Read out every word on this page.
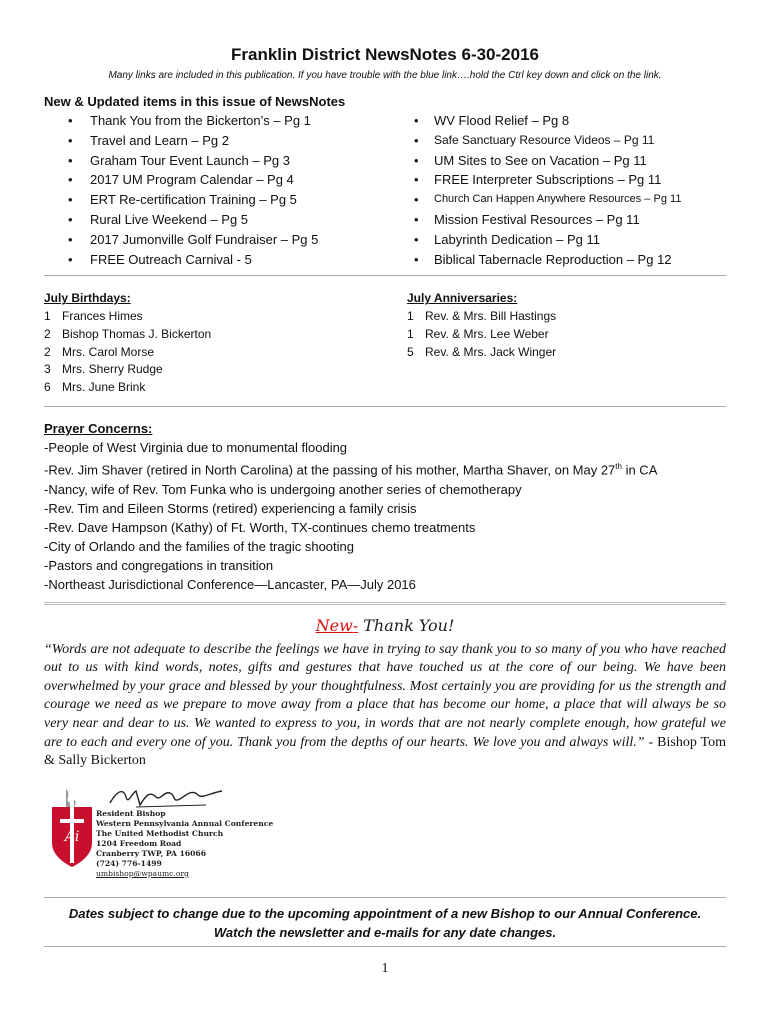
Franklin District NewsNotes 6-30-2016
Many links are included in this publication. If you have trouble with the blue link….hold the Ctrl key down and click on the link.
New & Updated items in this issue of NewsNotes
• Thank You from the Bickerton’s – Pg 1
• Travel and Learn – Pg 2
• Graham Tour Event Launch – Pg 3
• 2017 UM Program Calendar – Pg 4
• ERT Re-certification Training – Pg 5
• Rural Live Weekend – Pg 5
• 2017 Jumonville Golf Fundraiser – Pg 5
• FREE Outreach Carnival - 5
• WV Flood Relief – Pg 8
• Safe Sanctuary Resource Videos – Pg 11
• UM Sites to See on Vacation – Pg 11
• FREE Interpreter Subscriptions – Pg 11
• Church Can Happen Anywhere Resources – Pg 11
• Mission Festival Resources – Pg 11
• Labyrinth Dedication – Pg 11
• Biblical Tabernacle Reproduction – Pg 12
July Birthdays:
1 Frances Himes
2 Bishop Thomas J. Bickerton
2 Mrs. Carol Morse
3 Mrs. Sherry Rudge
6 Mrs. June Brink
July Anniversaries:
1 Rev. & Mrs. Bill Hastings
1 Rev. & Mrs. Lee Weber
5 Rev. & Mrs. Jack Winger
Prayer Concerns:
-People of West Virginia due to monumental flooding
-Rev. Jim Shaver (retired in North Carolina) at the passing of his mother, Martha Shaver, on May 27th in CA
-Nancy, wife of Rev. Tom Funka who is undergoing another series of chemotherapy
-Rev. Tim and Eileen Storms (retired) experiencing a family crisis
-Rev. Dave Hampson (Kathy) of Ft. Worth, TX-continues chemo treatments
-City of Orlando and the families of the tragic shooting
-Pastors and congregations in transition
-Northeast Jurisdictional Conference—Lancaster, PA—July 2016
New- Thank You!
“Words are not adequate to describe the feelings we have in trying to say thank you to so many of you who have reached out to us with kind words, notes, gifts and gestures that have touched us at the core of our being. We have been overwhelmed by your grace and blessed by your thoughtfulness. Most certainly you are providing for us the strength and courage we need as we prepare to move away from a place that has become our home, a place that will always be so very near and dear to us. We wanted to express to you, in words that are not nearly complete enough, how grateful we are to each and every one of you. Thank you from the depths of our hearts. We love you and always will.” - Bishop Tom & Sally Bickerton
Ai
Resident Bishop
Western Pennsylvania Annual Conference
The United Methodist Church
1204 Freedom Road
Cranberry TWP, PA 16066
(724) 776-1499
umbishop@wpaumc.org
Dates subject to change due to the upcoming appointment of a new Bishop to our Annual Conference.
Watch the newsletter and e-mails for any date changes.
1
